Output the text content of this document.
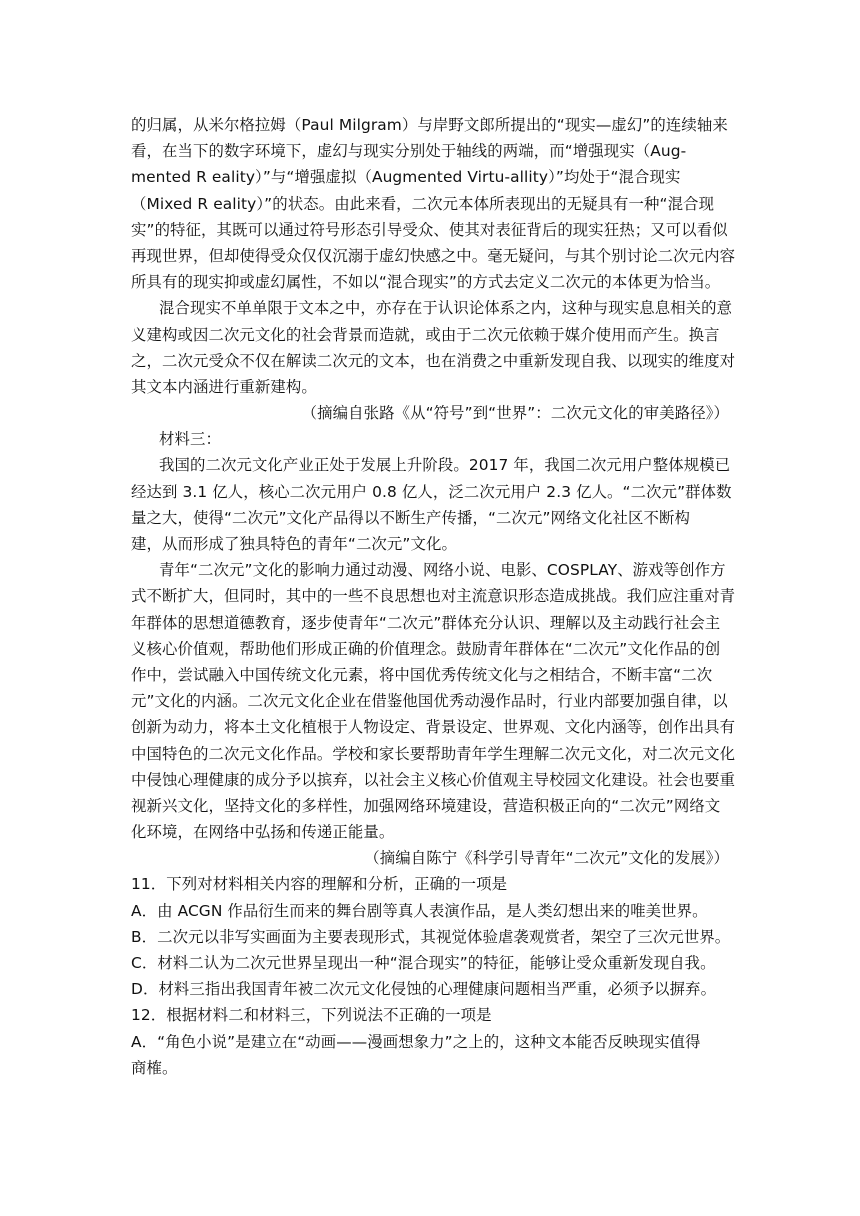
的归属，从米尔格拉姆（Paul Milgram）与岸野文郎所提出的“现实—虚幻”的连续轴来
看，在当下的数字环境下，虚幻与现实分别处于轴线的两端，而“增强现实（Aug-
mented R eality）”与“增强虚拟（Augmented Virtu-allity）”均处于“混合现实
（Mixed R eality）”的状态。由此来看，二次元本体所表现出的无疑具有一种“混合现
实”的特征，其既可以通过符号形态引导受众、使其对表征背后的现实狂热；又可以看似
再现世界，但却使得受众仅仅沉溺于虚幻快感之中。毫无疑问，与其个别讨论二次元内容
所具有的现实抑或虚幻属性，不如以“混合现实”的方式去定义二次元的本体更为恰当。
混合现实不单单限于文本之中，亦存在于认识论体系之内，这种与现实息息相关的意
义建构或因二次元文化的社会背景而造就，或由于二次元依赖于媒介使用而产生。换言
之，二次元受众不仅在解读二次元的文本，也在消费之中重新发现自我、以现实的维度对
其文本内涵进行重新建构。
（摘编自张路《从“符号”到“世界”：二次元文化的审美路径》）
材料三：
我国的二次元文化产业正处于发展上升阶段。2017 年，我国二次元用户整体规模已
经达到 3.1 亿人，核心二次元用户 0.8 亿人，泛二次元用户 2.3 亿人。“二次元”群体数
量之大，使得“二次元”文化产品得以不断生产传播，“二次元”网络文化社区不断构
建，从而形成了独具特色的青年“二次元”文化。
青年“二次元”文化的影响力通过动漫、网络小说、电影、COSPLAY、游戏等创作方
式不断扩大，但同时，其中的一些不良思想也对主流意识形态造成挑战。我们应注重对青
年群体的思想道德教育，逐步使青年“二次元”群体充分认识、理解以及主动践行社会主
义核心价值观，帮助他们形成正确的价值理念。鼓励青年群体在“二次元”文化作品的创
作中，尝试融入中国传统文化元素，将中国优秀传统文化与之相结合，不断丰富“二次
元”文化的内涵。二次元文化企业在借鉴他国优秀动漫作品时，行业内部要加强自律，以
创新为动力，将本土文化植根于人物设定、背景设定、世界观、文化内涵等，创作出具有
中国特色的二次元文化作品。学校和家长要帮助青年学生理解二次元文化，对二次元文化
中侵蚀心理健康的成分予以摈弃，以社会主义核心价值观主导校园文化建设。社会也要重
视新兴文化，坚持文化的多样性，加强网络环境建设，营造积极正向的“二次元”网络文
化环境，在网络中弘扬和传递正能量。
（摘编自陈宁《科学引导青年“二次元”文化的发展》）
11．下列对材料相关内容的理解和分析，正确的一项是
A．由 ACGN 作品衍生而来的舞台剧等真人表演作品，是人类幻想出来的唯美世界。
B．二次元以非写实画面为主要表现形式，其视觉体验虐袭观赏者，架空了三次元世界。
C．材料二认为二次元世界呈现出一种“混合现实”的特征，能够让受众重新发现自我。
D．材料三指出我国青年被二次元文化侵蚀的心理健康问题相当严重，必须予以摒弃。
12．根据材料二和材料三，下列说法不正确的一项是
A．“角色小说”是建立在“动画——漫画想象力”之上的，这种文本能否反映现实值得
商榷。
